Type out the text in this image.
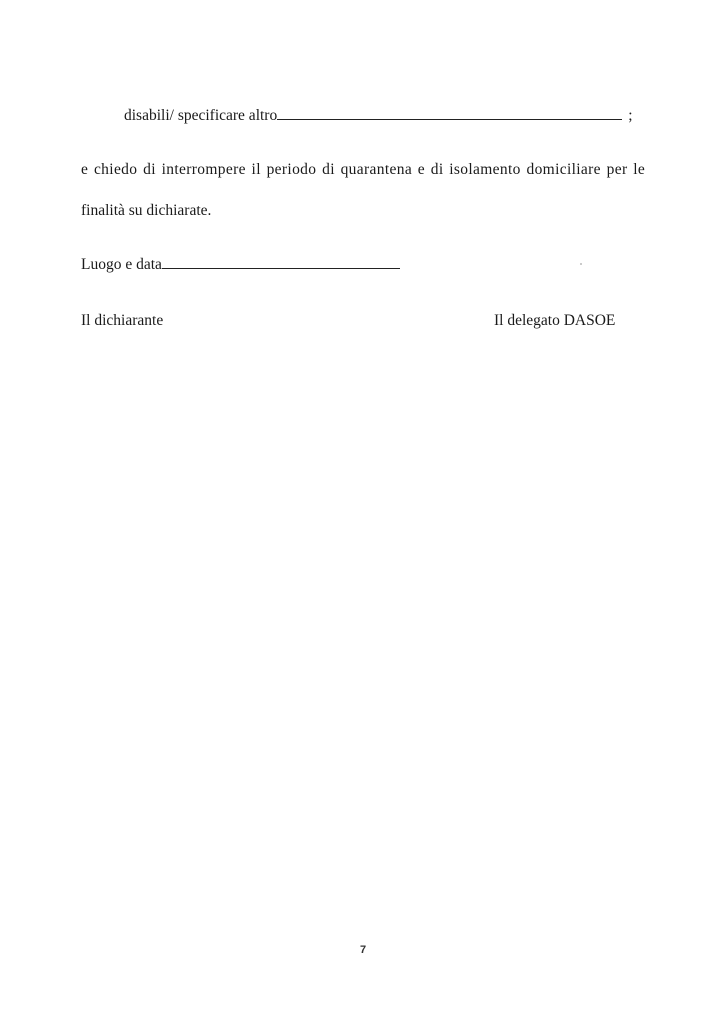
disabili/ specificare altro	;
e chiedo di interrompere il periodo di quarantena e di isolamento domiciliare per le
finalità su dichiarate.
Luogo e data
Il dichiarante	Il delegato DASOE
7
